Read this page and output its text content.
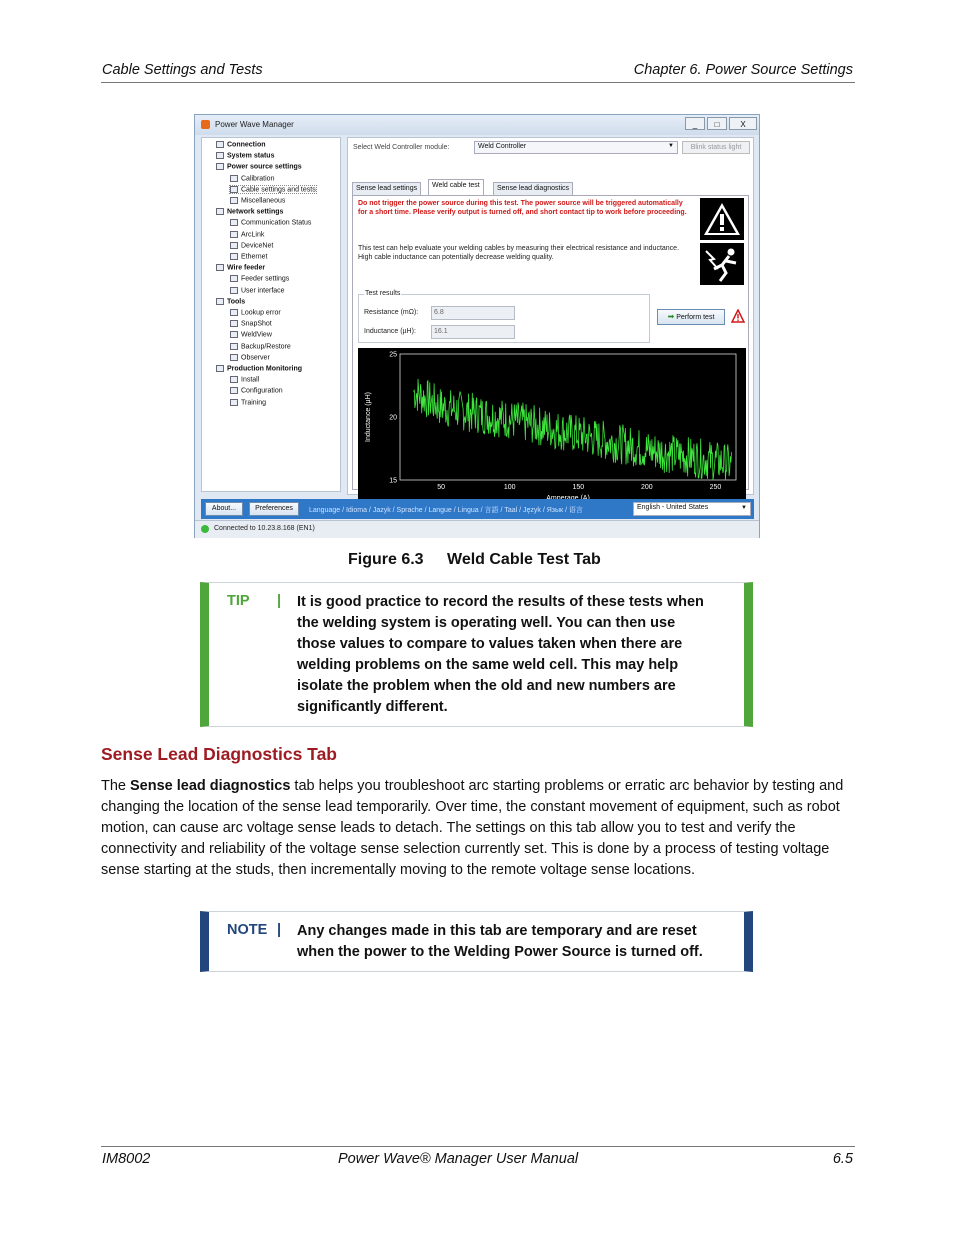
Cable Settings and Tests	Chapter 6. Power Source Settings
Power Wave Manager	_	□	X
Connection
System status
Power source settings
Calibration
Cable settings and tests
Miscellaneous
Network settings
Communication Status
ArcLink
DeviceNet
Ethernet
Wire feeder
Feeder settings
User interface
Tools
Lookup error
SnapShot
WeldView
Backup/Restore
Observer
Production Monitoring
Install
Configuration
Training
Select Weld Controller module:	Weld Controller	▼	Blink status light
Sense lead settings	Weld cable test	Sense lead diagnostics
Do not trigger the power source during this test. The power source will be triggered automatically for a short time. Please verify output is turned off, and short contact tip to work before proceeding.
This test can help evaluate your welding cables by measuring their electrical resistance and inductance. High cable inductance can potentially decrease welding quality.
Test results
Resistance (mΩ):	6.8
Inductance (µH):	16.1
➡ Perform test
50	100	150	200	250
15
20
25
Inductance (µH)
About...	Preferences	Language / Idioma / Jazyk / Sprache / Langue / Lingua / 言語 / Taal / Język / Язык / 语言	English - United States	▼
Connected to 10.23.8.168 (EN1)
Figure 6.3 Weld Cable Test Tab
TIP | It is good practice to record the results of these tests when
the welding system is operating well. You can then use
those values to compare to values taken when there are
welding problems on the same weld cell. This may help
isolate the problem when the old and new numbers are
significantly different.
Sense Lead Diagnostics Tab
The Sense lead diagnostics tab helps you troubleshoot arc starting problems or erratic arc behavior by testing and changing the location of the sense lead temporarily. Over time, the constant movement of equipment, such as robot motion, can cause arc voltage sense leads to detach. The settings on this tab allow you to test and verify the connectivity and reliability of the voltage sense selection currently set. This is done by a process of testing voltage sense starting at the studs, then incrementally moving to the remote voltage sense locations.
NOTE | Any changes made in this tab are temporary and are reset
when the power to the Welding Power Source is turned off.
IM8002	Power Wave® Manager User Manual	6.5
